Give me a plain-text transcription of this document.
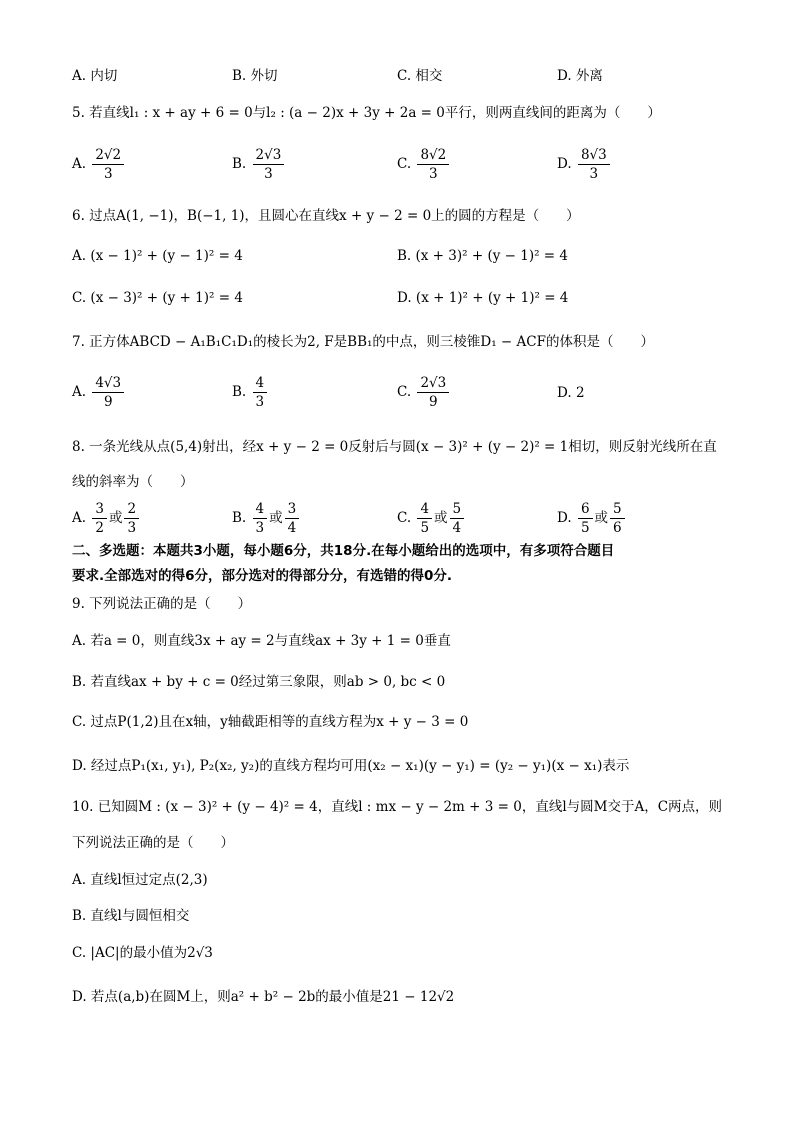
A. 内切	B. 外切	C. 相交	D. 外离
5. 若直线l₁ : x + ay + 6 = 0与l₂ : (a − 2)x + 3y + 2a = 0平行，则两直线间的距离为（　　）
A. $\frac{2√2}{3}$	B. $\frac{2√3}{3}$	C. $\frac{8√2}{3}$	D. $\frac{8√3}{3}$
6. 过点A(1, −1)，B(−1, 1)，且圆心在直线x + y − 2 = 0上的圆的方程是（　　）
A. (x − 1)² + (y − 1)² = 4	B. (x + 3)² + (y − 1)² = 4
C. (x − 3)² + (y + 1)² = 4	D. (x + 1)² + (y + 1)² = 4
7. 正方体ABCD − A₁B₁C₁D₁的棱长为2, F是BB₁的中点，则三棱锥D₁ − ACF的体积是（　　）
A. $\frac{4√3}{9}$	B. $\frac{4}{3}$	C. $\frac{2√3}{9}$	D. 2
8. 一条光线从点(5,4)射出，经x + y − 2 = 0反射后与圆(x − 3)² + (y − 2)² = 1相切，则反射光线所在直
线的斜率为（　　）
A. $\frac{3}{2}$ 或 $\frac{2}{3}$	B. $\frac{4}{3}$ 或 $\frac{3}{4}$	C. $\frac{4}{5}$ 或 $\frac{5}{4}$	D. $\frac{6}{5}$ 或 $\frac{5}{6}$
二、多选题：本题共3小题，每小题6分，共18分.在每小题给出的选项中，有多项符合题目
要求.全部选对的得6分，部分选对的得部分分，有选错的得0分.
9. 下列说法正确的是（　　）
A. 若a = 0，则直线3x + ay = 2与直线ax + 3y + 1 = 0垂直
B. 若直线ax + by + c = 0经过第三象限，则ab > 0, bc < 0
C. 过点P(1,2)且在x轴，y轴截距相等的直线方程为x + y − 3 = 0
D. 经过点P₁(x₁, y₁), P₂(x₂, y₂)的直线方程均可用(x₂ − x₁)(y − y₁) = (y₂ − y₁)(x − x₁)表示
10. 已知圆M : (x − 3)² + (y − 4)² = 4，直线l : mx − y − 2m + 3 = 0，直线l与圆M交于A，C两点，则
下列说法正确的是（　　）
A. 直线l恒过定点(2,3)
B. 直线l与圆恒相交
C. |AC|的最小值为2√3
D. 若点(a,b)在圆M上，则a² + b² − 2b的最小值是21 − 12√2
